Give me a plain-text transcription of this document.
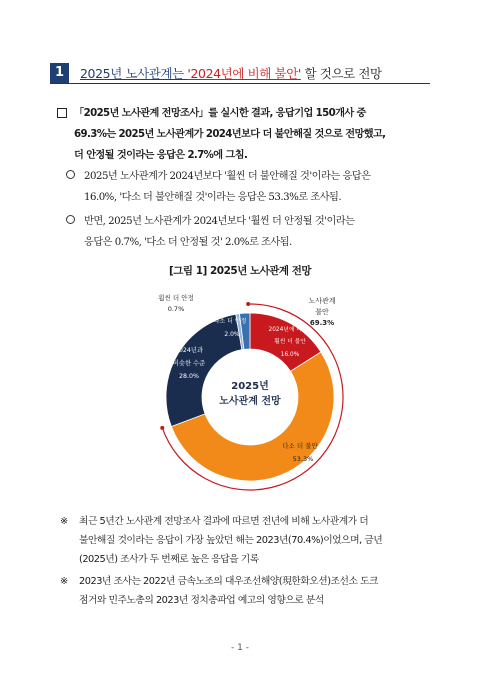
1	2025년 노사관계는 '2024년에 비해 불안' 할 것으로 전망
「2025년 노사관계 전망조사」를 실시한 결과, 응답기업 150개사 중
69.3%는 2025년 노사관계가 2024년보다 더 불안해질 것으로 전망했고,
더 안정될 것이라는 응답은 2.7%에 그침.
2025년 노사관계가 2024년보다 '훨씬 더 불안해질 것'이라는 응답은
16.0%, '다소 더 불안해질 것'이라는 응답은 53.3%로 조사됨.
반면, 2025년 노사관계가 2024년보다 '훨씬 더 안정될 것'이라는
응답은 0.7%, '다소 더 안정될 것' 2.0%로 조사됨.
[그림 1] 2025년 노사관계 전망
2025년
노사관계 전망
2024년에 비해
훨씬 더 불안
16.0%
다소 더 불안
53.3%
2024년과
비슷한 수준
28.0%
다소 더 안정
2.0%
훨씬 더 안정
0.7%
노사관계
불안
69.3%
※	최근 5년간 노사관계 전망조사 결과에 따르면 전년에 비해 노사관계가 더
불안해질 것이라는 응답이 가장 높았던 해는 2023년(70.4%)이었으며, 금년
(2025년) 조사가 두 번째로 높은 응답을 기록
※	2023년 조사는 2022년 금속노조의 대우조선해양(現한화오션)조선소 도크
점거와 민주노총의 2023년 정치총파업 예고의 영향으로 분석
- 1 -
